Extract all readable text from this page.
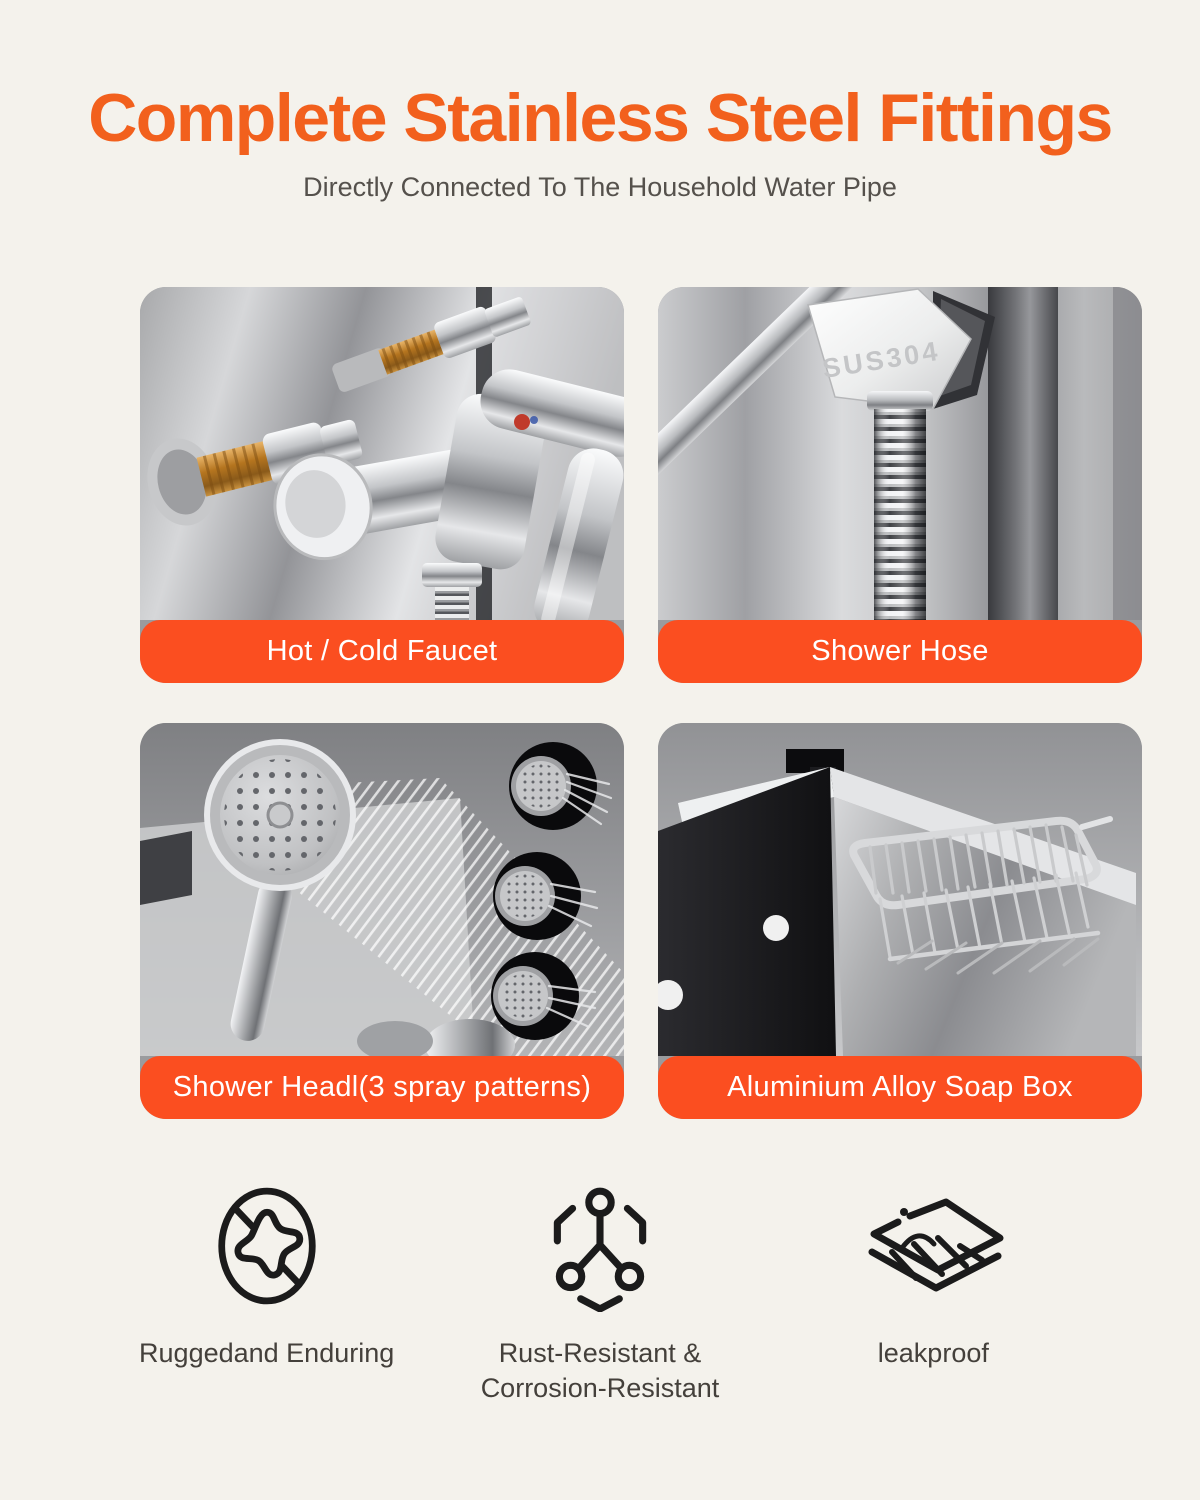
Complete Stainless Steel Fittings

Directly Connected To The Household Water Pipe

Hot / Cold Faucet
SUS304
Shower Hose
Shower Headl(3 spray patterns)	Aluminium Alloy Soap Box
Ruggedand Enduring	Rust-Resistant & Corrosion-Resistant
leakproof
